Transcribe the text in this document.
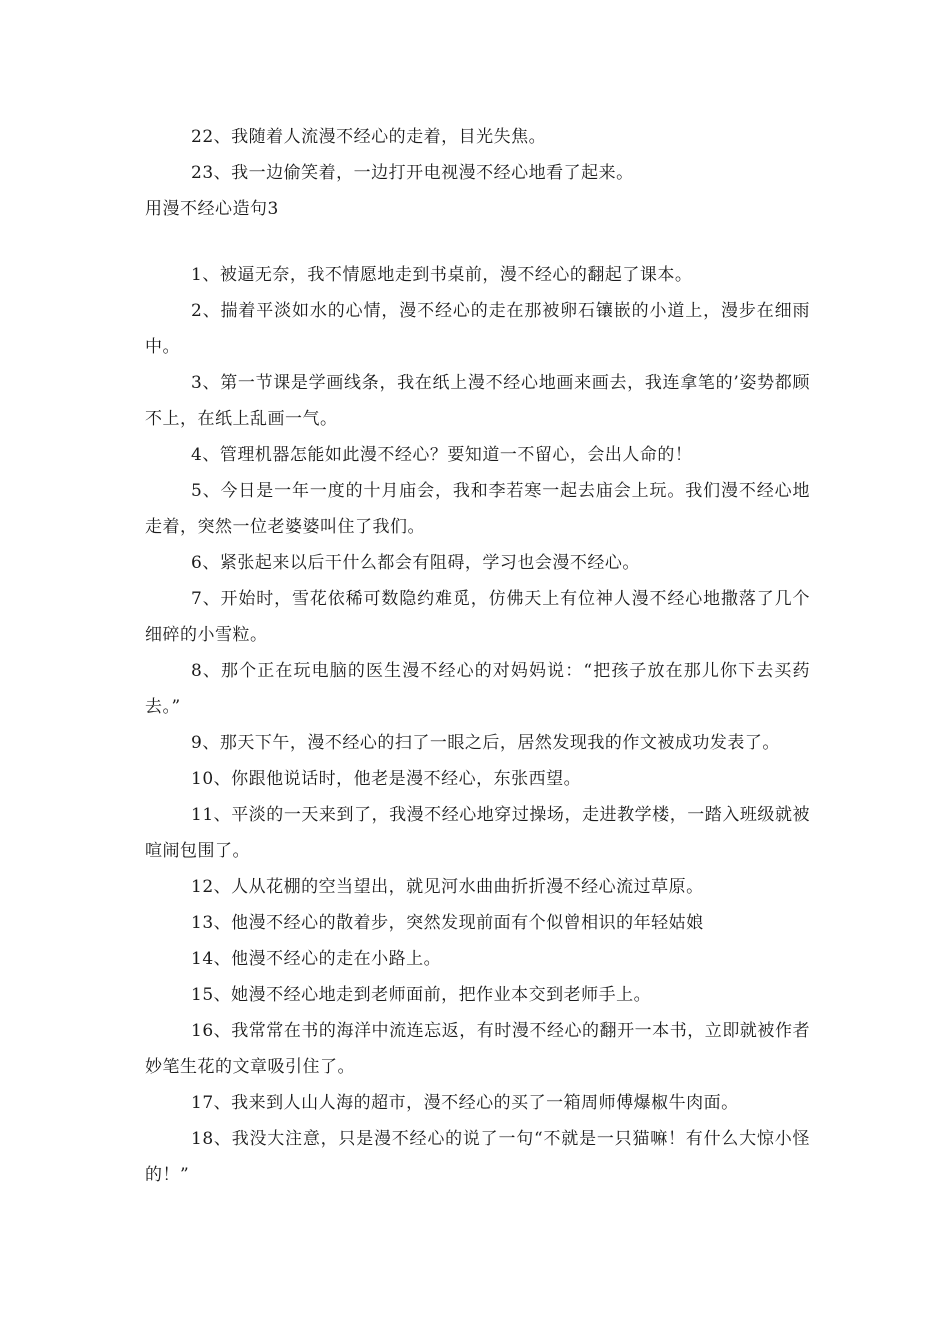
22、我随着人流漫不经心的走着，目光失焦。

23、我一边偷笑着，一边打开电视漫不经心地看了起来。

用漫不经心造句3

1、被逼无奈，我不情愿地走到书桌前，漫不经心的翻起了课本。

2、揣着平淡如水的心情，漫不经心的走在那被卵石镶嵌的小道上，漫步在细雨中。

3、第一节课是学画线条，我在纸上漫不经心地画来画去，我连拿笔的’姿势都顾不上，在纸上乱画一气。

4、管理机器怎能如此漫不经心？要知道一不留心，会出人命的！

5、今日是一年一度的十月庙会，我和李若寒一起去庙会上玩。我们漫不经心地走着，突然一位老婆婆叫住了我们。

6、紧张起来以后干什么都会有阻碍，学习也会漫不经心。

7、开始时，雪花依稀可数隐约难觅，仿佛天上有位神人漫不经心地撒落了几个细碎的小雪粒。

8、那个正在玩电脑的医生漫不经心的对妈妈说：“把孩子放在那儿你下去买药去。”

9、那天下午，漫不经心的扫了一眼之后，居然发现我的作文被成功发表了。

10、你跟他说话时，他老是漫不经心，东张西望。

11、平淡的一天来到了，我漫不经心地穿过操场，走进教学楼，一踏入班级就被喧闹包围了。

12、人从花棚的空当望出，就见河水曲曲折折漫不经心流过草原。

13、他漫不经心的散着步，突然发现前面有个似曾相识的年轻姑娘

14、他漫不经心的走在小路上。

15、她漫不经心地走到老师面前，把作业本交到老师手上。

16、我常常在书的海洋中流连忘返，有时漫不经心的翻开一本书，立即就被作者妙笔生花的文章吸引住了。

17、我来到人山人海的超市，漫不经心的买了一箱周师傅爆椒牛肉面。

18、我没大注意，只是漫不经心的说了一句“不就是一只猫嘛！有什么大惊小怪的！”
